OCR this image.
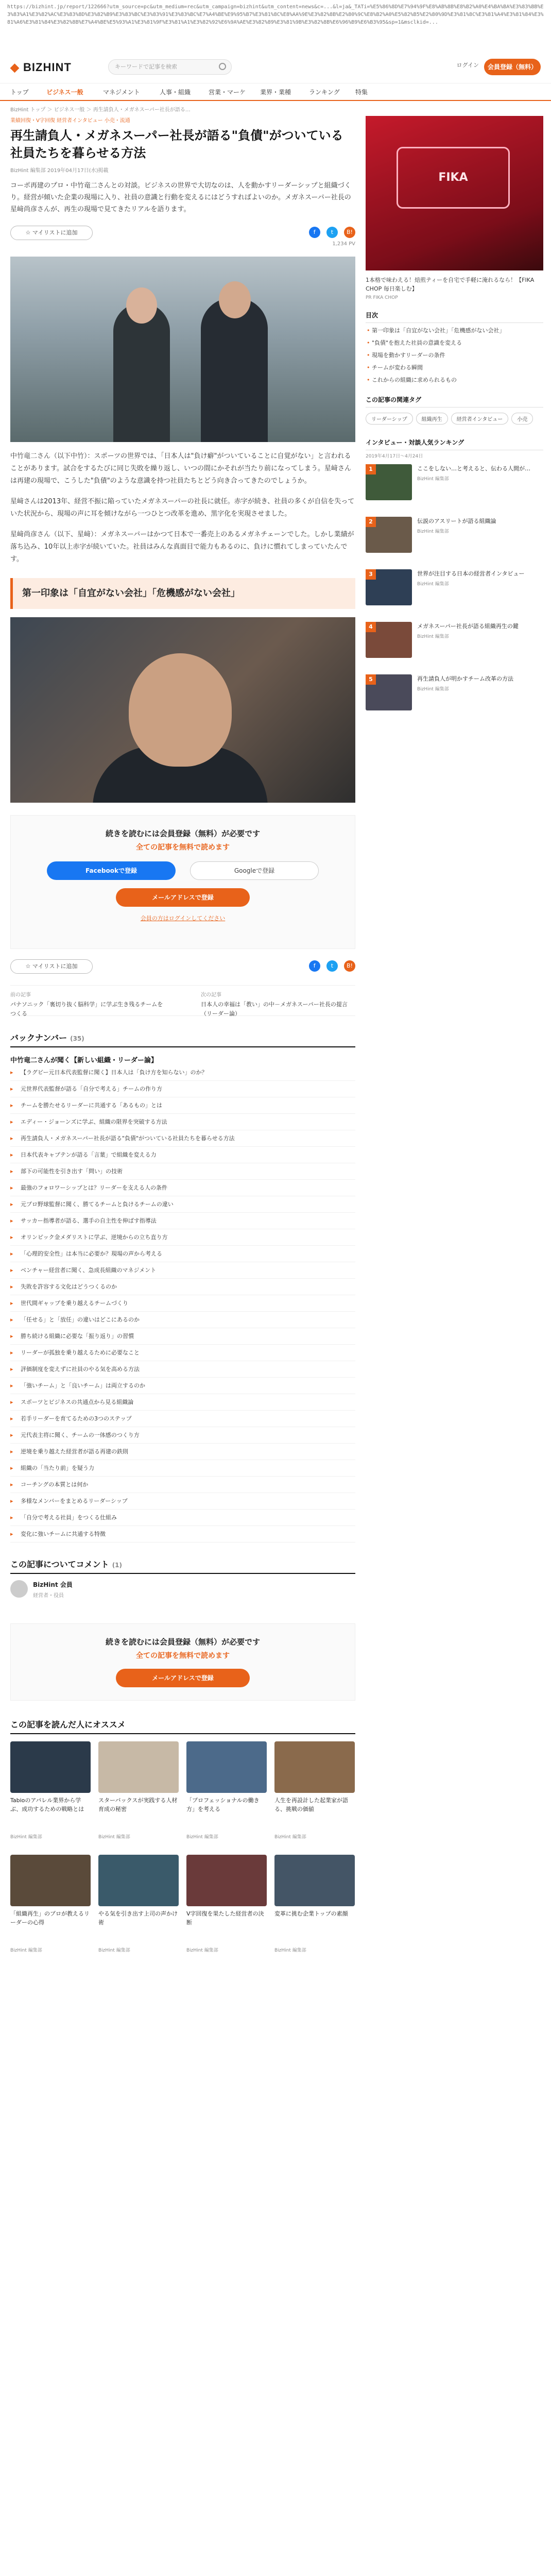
https://bizhint.jp/report/122666?utm_source=pc&utm_medium=rec&utm_campaign=bizhint&utm_content=news&c=...&l=ja&_TATi=%E5%86%8D%E7%94%9F%E8%AB%8B%E8%B2%A0%E4%BA%BA%E3%83%BB%E3%83%A1%E3%82%AC%E3%83%8D%E3%82%B9%E3%83%BC%E3%83%91%E3%83%BC%E7%A4%BE%E9%95%B7%E3%81%8C%E8%AA%9E%E3%82%8B%E2%80%9C%E8%B2%A0%E5%82%B5%E2%80%9D%E3%81%8C%E3%81%A4%E3%81%84%E3%81%A6%E3%81%84%E3%82%8B%E7%A4%BE%E5%93%A1%E3%81%9F%E3%81%A1%E3%82%92%E6%9A%AE%E3%82%89%E3%81%9B%E3%82%8B%E6%96%B9%E6%B3%95&sp=1&msclkid=...
◆ BIZHINT	キーワードで記事を検索	ログイン	会員登録（無料）
トップ	ビジネス一般	マネジメント	人事・組織	営業・マーケ 業界・業種	ランキング	特集
BizHint トップ ＞ ビジネス一般 ＞ 再生請負人・メガネスーパー社長が語る…
業績回復・V字回復 経営者インタビュー 小売・流通
再生請負人・メガネスーパー社長が語る"負債"がついている社員たちを暮らせる方法
BizHint 編集部 2019年04月17日(水)掲載

コーポ再建のプロ・中竹竜二さんとの対談。ビジネスの世界で大切なのは、人を動かすリーダーシップと組織づくり。経営が傾いた企業の現場に入り、社員の意識と行動を変えるにはどうすればよいのか。メガネスーパー社長の星﨑尚彦さんが、再生の現場で見てきたリアルを語ります。

☆ マイリストに追加	f	t B!
1,234 PV

中竹竜二さん（以下中竹）：スポーツの世界では、「日本人は"負け癖"がついていることに自覚がない」と言われることがあります。試合をするたびに同じ失敗を繰り返し、いつの間にかそれが当たり前になってしまう。星﨑さんは再建の現場で、こうした"負債"のような意識を持つ社員たちとどう向き合ってきたのでしょうか。

星﨑さんは2013年、経営不振に陥っていたメガネスーパーの社長に就任。赤字が続き、社員の多くが自信を失っていた状況から、現場の声に耳を傾けながら一つひとつ改革を進め、黒字化を実現させました。

星﨑尚彦さん（以下、星﨑）：メガネスーパーはかつて日本で一番売上のあるメガネチェーンでした。しかし業績が落ち込み、10年以上赤字が続いていた。社員はみんな真面目で能力もあるのに、負けに慣れてしまっていたんです。

第一印象は「自宜がない会社」「危機感がない会社」
続きを読むには会員登録（無料）が必要です
全ての記事を無料で読めます
Facebookで登録	Googleで登録
メールアドレスで登録
会員の方はログインしてください
☆ マイリストに追加	f	t B!
前の記事
パナソニック「裏切り抜く脳科学」に学ぶ生き残るチームをつくる
次の記事
日本人の幸福は「教い」の中－メガネスーパー社長の提言（リーダー論）
バックナンバー (35)
中竹竜二さんが聞く【新しい組織・リーダー論】
▸	【ラグビー元日本代表監督に聞く】日本人は「負け方を知らない」のか？
▸	元世界代表監督が語る「自分で考える」チームの作り方
▸	チームを勝たせるリーダーに共通する「あるもの」とは
▸	エディー・ジョーンズに学ぶ、組織の限界を突破する方法
▸	再生請負人・メガネスーパー社長が語る"負債"がついている社員たちを暮らせる方法
▸	日本代表キャプテンが語る「言葉」で組織を変える力
▸	部下の可能性を引き出す「問い」の技術
▸	最強のフォロワーシップとは？リーダーを支える人の条件
▸	元プロ野球監督に聞く、勝てるチームと負けるチームの違い
▸	サッカー指導者が語る、選手の自主性を伸ばす指導法
▸	オリンピック金メダリストに学ぶ、逆境からの立ち直り方
▸	「心理的安全性」は本当に必要か？現場の声から考える
▸	ベンチャー経営者に聞く、急成長組織のマネジメント
▸	失敗を許容する文化はどうつくるのか
▸	世代間ギャップを乗り越えるチームづくり
▸	「任せる」と「放任」の違いはどこにあるのか
▸	勝ち続ける組織に必要な「振り返り」の習慣
▸	リーダーが孤独を乗り越えるために必要なこと
▸	評価制度を変えずに社員のやる気を高める方法
▸	「強いチーム」と「良いチーム」は両立するのか
▸	スポーツとビジネスの共通点から見る組織論
▸	若手リーダーを育てるための3つのステップ
▸	元代表主将に聞く、チームの一体感のつくり方
▸	逆境を乗り越えた経営者が語る再建の鉄則
▸	組織の「当たり前」を疑う力
▸	コーチングの本質とは何か
▸	多様なメンバーをまとめるリーダーシップ
▸	「自分で考える社員」をつくる仕組み
▸	変化に強いチームに共通する特徴
この記事についてコメント (1)
BizHint 会員
経営者・役員
続きを読むには会員登録（無料）が必要です
全ての記事を無料で読めます
メールアドレスで登録
この記事を読んだ人にオススメ
Tabioのアパレル業界から学ぶ、成功するための戦略とは
BizHint 編集部
スターバックスが実践する人材育成の秘密
BizHint 編集部
「プロフェッショナルの働き方」を考える
BizHint 編集部
人生を再設計した起業家が語る、挑戦の価値
BizHint 編集部
「組織再生」のプロが教えるリーダーの心得
BizHint 編集部
やる気を引き出す上司の声かけ術
BizHint 編集部
V字回復を果たした経営者の決断
BizHint 編集部
変革に挑む企業トップの素顔
BizHint 編集部
FIKA
1本格で味わえる！焙煎ティーを自宅で手軽に淹れるなら！【FIKA CHOP 毎日楽しむ】
PR FIKA CHOP
目次
• 第一印象は「自宜がない会社」「危機感がない会社」
• "負債"を抱えた社員の意識を変える
• 現場を動かすリーダーの条件
• チームが変わる瞬間
• これからの組織に求められるもの
この記事の関連タグ
リーダーシップ	組織再生	経営者インタビュー	小売
インタビュー・対談人気ランキング
2019年4月17日～4月24日
1	ここをしない…と考えると、伝わる人間が…
BizHint 編集部
2	伝説のアスリートが語る組織論
BizHint 編集部
3	世界が注目する日本の経営者インタビュー
BizHint 編集部
4	メガネスーパー社長が語る組織再生の鍵
BizHint 編集部
5	再生請負人が明かすチーム改革の方法
BizHint 編集部
